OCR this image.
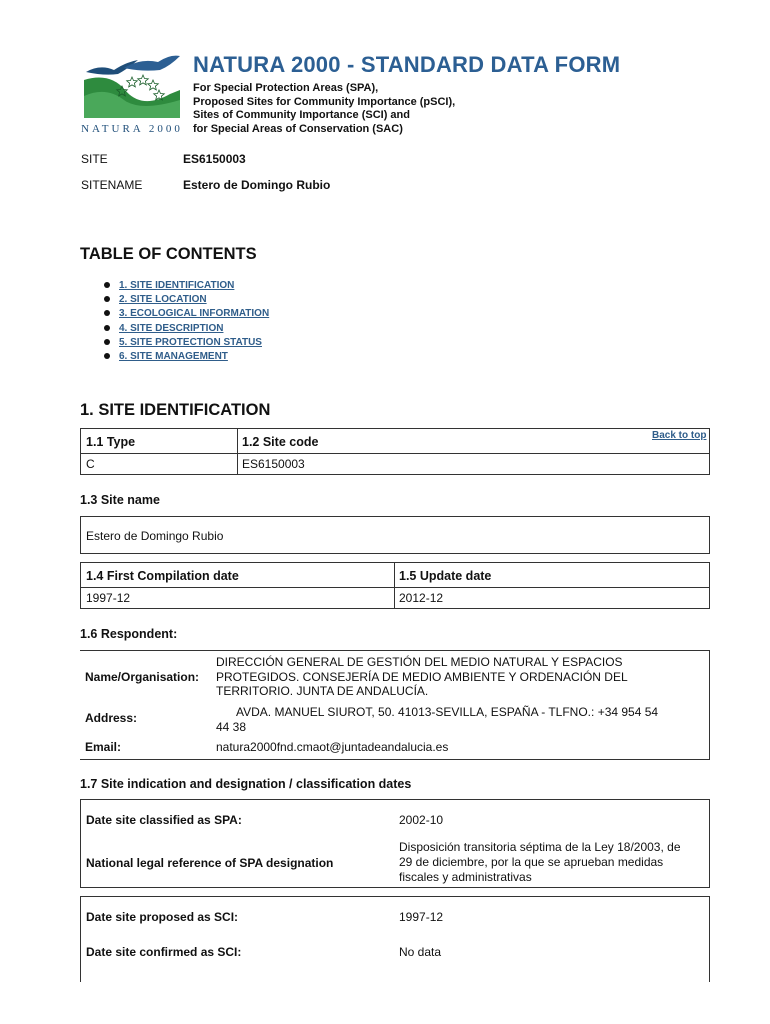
NATURA 2000
NATURA 2000 - STANDARD DATA FORM
For Special Protection Areas (SPA),
Proposed Sites for Community Importance (pSCI),
Sites of Community Importance (SCI) and
for Special Areas of Conservation (SAC)
SITE	ES6150003
SITENAME	Estero de Domingo Rubio
TABLE OF CONTENTS
1. SITE IDENTIFICATION
2. SITE LOCATION
3. ECOLOGICAL INFORMATION
4. SITE DESCRIPTION
5. SITE PROTECTION STATUS
6. SITE MANAGEMENT
1. SITE IDENTIFICATION
Back to top
1.1 Type	1.2 Site code
C	ES6150003
1.3 Site name
Estero de Domingo Rubio
1.4 First Compilation date	1.5 Update date
1997-12	2012-12
1.6 Respondent:
Name/Organisation:
DIRECCIÓN GENERAL DE GESTIÓN DEL MEDIO NATURAL Y ESPACIOS
PROTEGIDOS. CONSEJERÍA DE MEDIO AMBIENTE Y ORDENACIÓN DEL
TERRITORIO. JUNTA DE ANDALUCÍA.
Address:	AVDA. MANUEL SIUROT, 50. 41013-SEVILLA, ESPAÑA - TLFNO.: +34 954 54
44 38
Email:	natura2000fnd.cmaot@juntadeandalucia.es
1.7 Site indication and designation / classification dates
Date site classified as SPA:	2002-10
National legal reference of SPA designation
Disposición transitoria séptima de la Ley 18/2003, de
29 de diciembre, por la que se aprueban medidas
fiscales y administrativas
Date site proposed as SCI:	1997-12
Date site confirmed as SCI:	No data
